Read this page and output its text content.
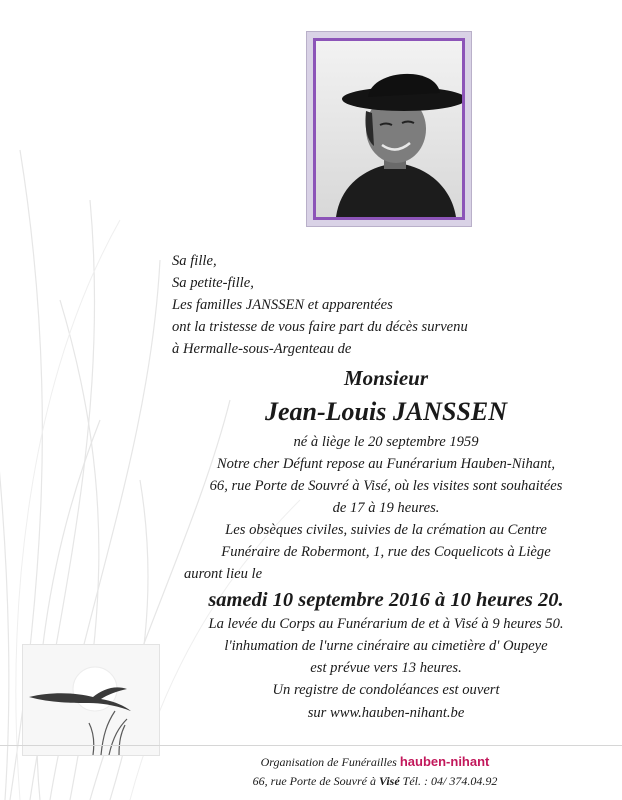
Sa fille,
Sa petite-fille,
Les familles JANSSEN et apparentées
ont la tristesse de vous faire part du décès survenu
à Hermalle-sous-Argenteau de
Monsieur
Jean-Louis JANSSEN
né à liège le 20 septembre 1959
Notre cher Défunt repose au Funérarium Hauben-Nihant,
66, rue Porte de Souvré à Visé, où les visites sont souhaitées
de 17 à 19 heures.
Les obsèques civiles, suivies de la crémation au Centre
Funéraire de Robermont, 1, rue des Coquelicots à Liège
auront lieu le
samedi 10 septembre 2016 à 10 heures 20.
La levée du Corps au Funérarium de et à Visé à 9 heures 50.
l'inhumation de l'urne cinéraire au cimetière d' Oupeye
est prévue vers 13 heures.
Un registre de condoléances est ouvert
sur www.hauben-nihant.be
Organisation de Funérailles hauben-nihant
66, rue Porte de Souvré à Visé Tél. : 04/ 374.04.92
